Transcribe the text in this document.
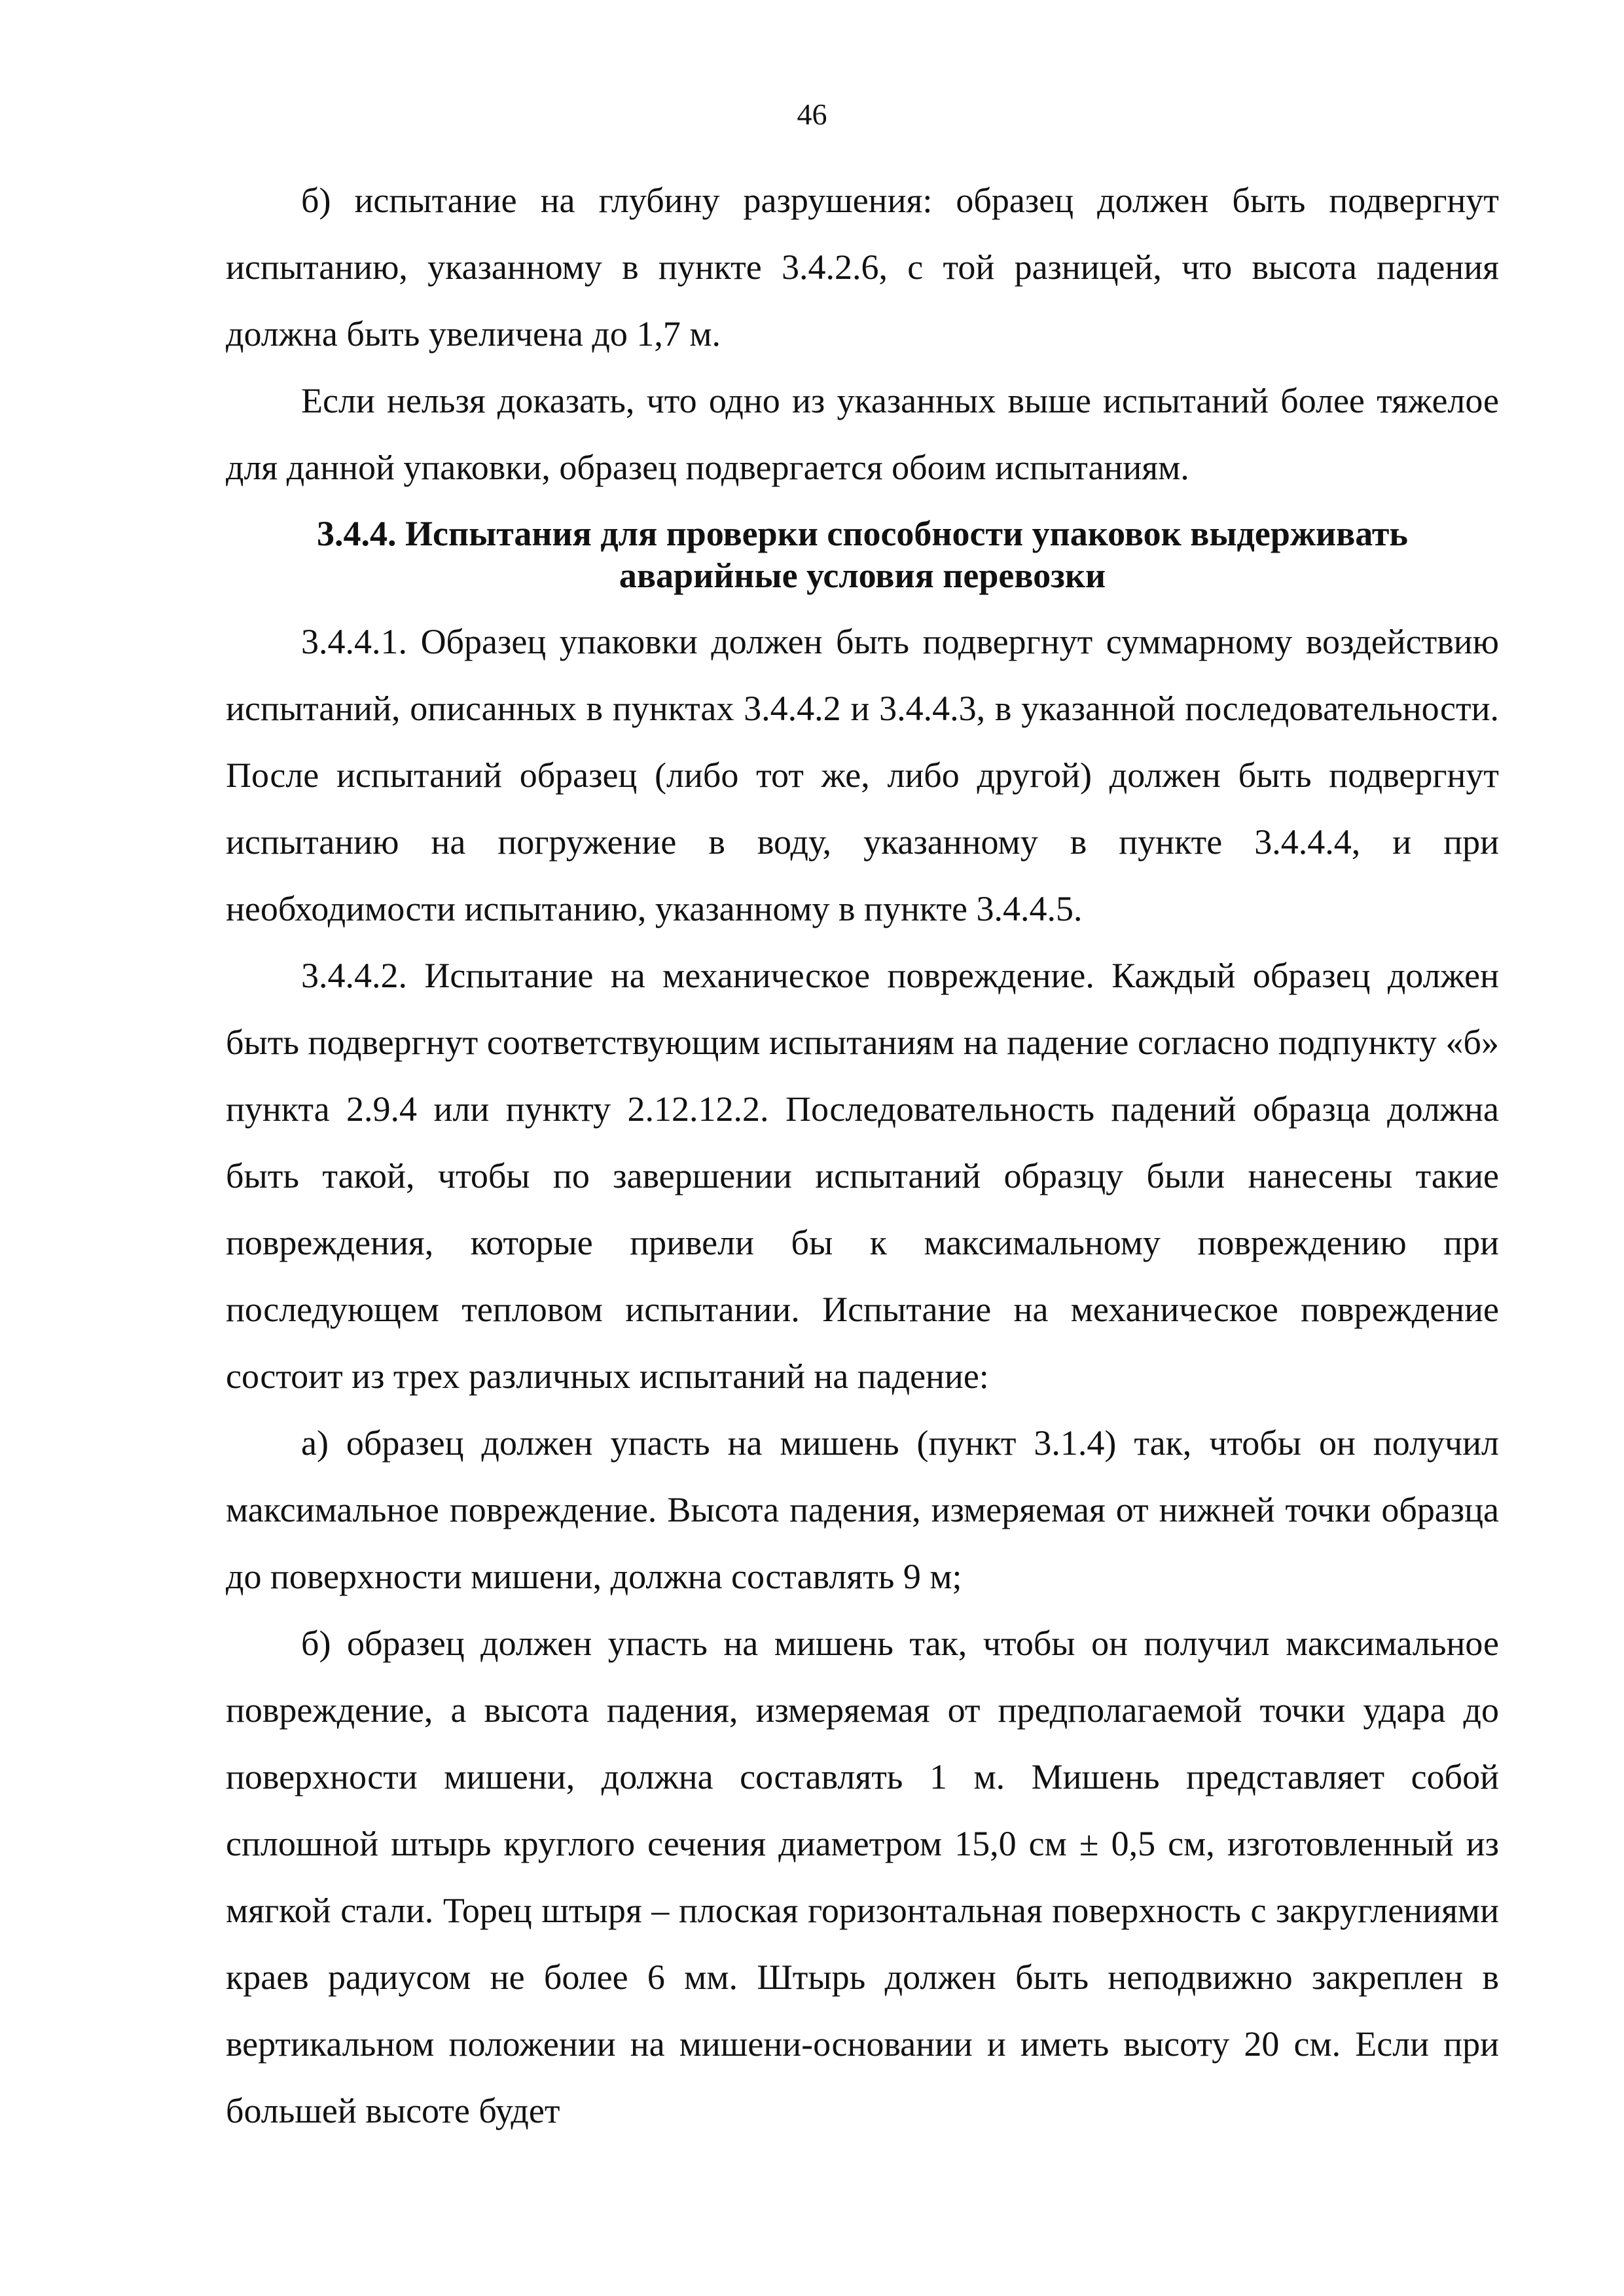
46

б) испытание на глубину разрушения: образец должен быть подвергнут испытанию, указанному в пункте 3.4.2.6, с той разницей, что высота падения должна быть увеличена до 1,7 м.

Если нельзя доказать, что одно из указанных выше испытаний более тяжелое для данной упаковки, образец подвергается обоим испытаниям.

3.4.4. Испытания для проверки способности упаковок выдерживать
аварийные условия перевозки

3.4.4.1. Образец упаковки должен быть подвергнут суммарному воздействию испытаний, описанных в пунктах 3.4.4.2 и 3.4.4.3, в указанной последовательности. После испытаний образец (либо тот же, либо другой) должен быть подвергнут испытанию на погружение в воду, указанному в пункте 3.4.4.4, и при необходимости испытанию, указанному в пункте 3.4.4.5.

3.4.4.2. Испытание на механическое повреждение. Каждый образец должен быть подвергнут соответствующим испытаниям на падение согласно подпункту «б» пункта 2.9.4 или пункту 2.12.12.2. Последовательность падений образца должна быть такой, чтобы по завершении испытаний образцу были нанесены такие повреждения, которые привели бы к максимальному повреждению при последующем тепловом испытании. Испытание на механическое повреждение состоит из трех различных испытаний на падение:

а) образец должен упасть на мишень (пункт 3.1.4) так, чтобы он получил максимальное повреждение. Высота падения, измеряемая от нижней точки образца до поверхности мишени, должна составлять 9 м;

б) образец должен упасть на мишень так, чтобы он получил максимальное повреждение, а высота падения, измеряемая от предполагаемой точки удара до поверхности мишени, должна составлять 1 м. Мишень представляет собой сплошной штырь круглого сечения диаметром 15,0 см ± 0,5 см, изготовленный из мягкой стали. Торец штыря – плоская горизонтальная поверхность с закруглениями краев радиусом не более 6 мм. Штырь должен быть неподвижно закреплен в вертикальном положении на мишени-основании и иметь высоту 20 см. Если при большей высоте будет
